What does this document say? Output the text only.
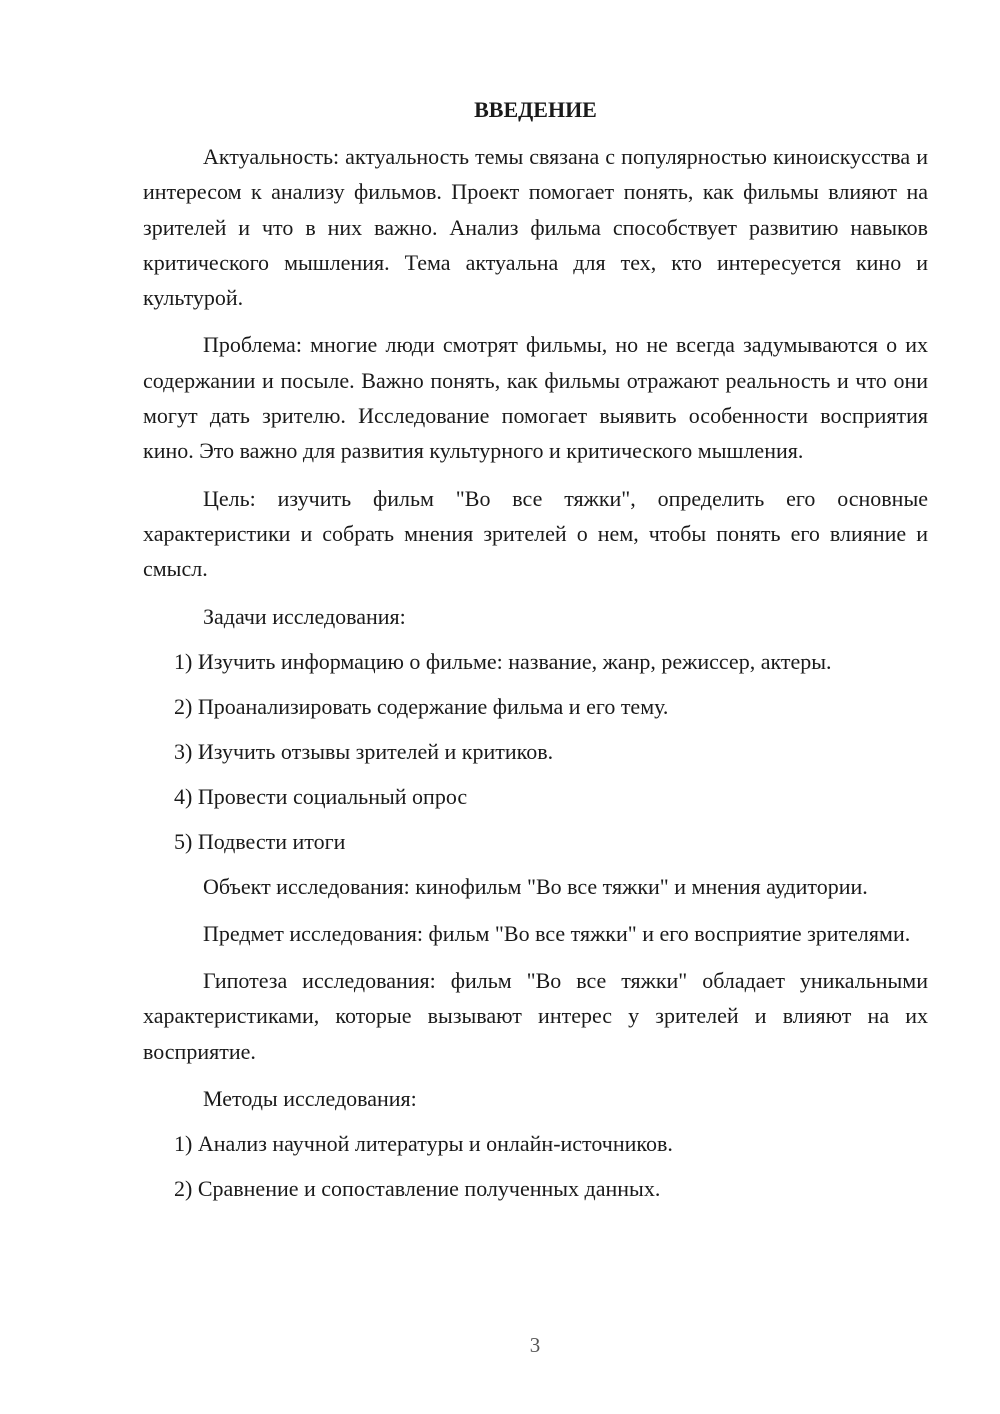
ВВЕДЕНИЕ

Актуальность: актуальность темы связана с популярностью киноискусства и интересом к анализу фильмов. Проект помогает понять, как фильмы влияют на зрителей и что в них важно. Анализ фильма способствует развитию навыков критического мышления. Тема актуальна для тех, кто интересуется кино и культурой.

Проблема: многие люди смотрят фильмы, но не всегда задумываются о их содержании и посыле. Важно понять, как фильмы отражают реальность и что они могут дать зрителю. Исследование помогает выявить особенности восприятия кино. Это важно для развития культурного и критического мышления.

Цель: изучить фильм "Во все тяжки", определить его основные характеристики и собрать мнения зрителей о нем, чтобы понять его влияние и смысл.

Задачи исследования:

1) Изучить информацию о фильме: название, жанр, режиссер, актеры.

2) Проанализировать содержание фильма и его тему.

3) Изучить отзывы зрителей и критиков.

4) Провести социальный опрос

5) Подвести итоги

Объект исследования: кинофильм "Во все тяжки" и мнения аудитории.

Предмет исследования: фильм "Во все тяжки" и его восприятие зрителями.

Гипотеза исследования: фильм "Во все тяжки" обладает уникальными характеристиками, которые вызывают интерес у зрителей и влияют на их восприятие.

Методы исследования:

1) Анализ научной литературы и онлайн-источников.

2) Сравнение и сопоставление полученных данных.

3
